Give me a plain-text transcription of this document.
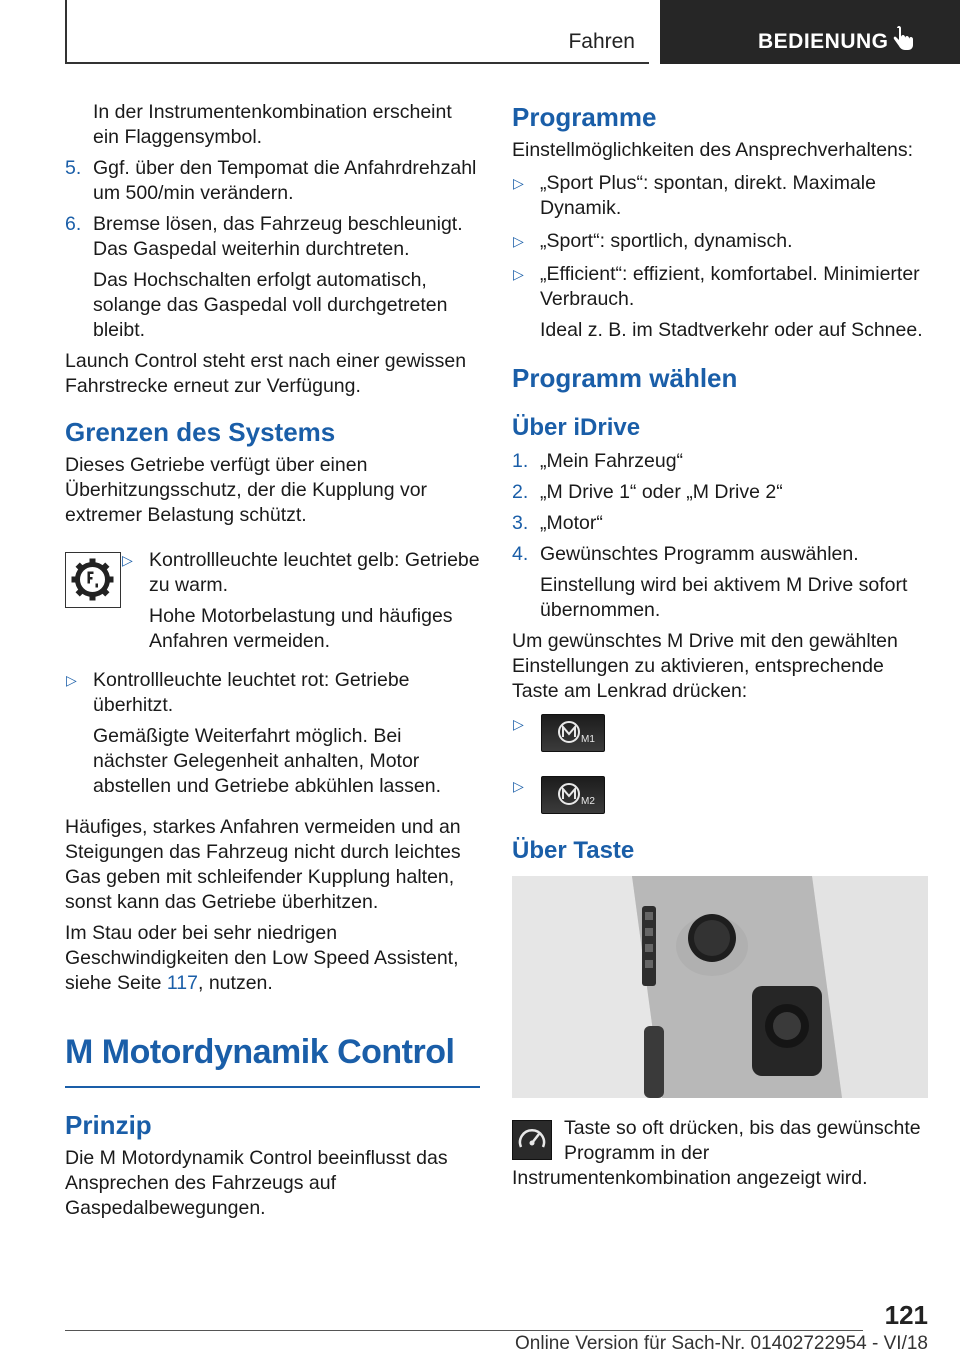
Fahren	BEDIENUNG

In der Instrumentenkombination erscheint ein Flaggensymbol.

5. Ggf. über den Tempomat die Anfahrdrehzahl um 500/min verändern.
6. Bremse lösen, das Fahrzeug beschleunigt. Das Gaspedal weiterhin durchtreten.

Das Hochschalten erfolgt automatisch, solange das Gaspedal voll durchgetreten bleibt.

Launch Control steht erst nach einer gewissen Fahrstrecke erneut zur Verfügung.

Grenzen des Systems

Dieses Getriebe verfügt über einen Überhitzungsschutz, der die Kupplung vor extremer Belastung schützt.

▷ Kontrollleuchte leuchtet gelb: Getriebe zu warm.

Hohe Motorbelastung und häufiges Anfahren vermeiden.

▷ Kontrollleuchte leuchtet rot: Getriebe überhitzt.

Gemäßigte Weiterfahrt möglich. Bei nächster Gelegenheit anhalten, Motor abstellen und Getriebe abkühlen lassen.

Häufiges, starkes Anfahren vermeiden und an Steigungen das Fahrzeug nicht durch leichtes Gas geben mit schleifender Kupplung halten, sonst kann das Getriebe überhitzen.

Im Stau oder bei sehr niedrigen Geschwindigkeiten den Low Speed Assistent, siehe Seite 117, nutzen.

M Motordynamik Control
Prinzip

Die M Motordynamik Control beeinflusst das Ansprechen des Fahrzeugs auf Gaspedalbewegungen.

Programme

Einstellmöglichkeiten des Ansprechverhaltens:

▷ „Sport Plus“: spontan, direkt. Maximale Dynamik.
▷ „Sport“: sportlich, dynamisch.
▷ „Efficient“: effizient, komfortabel. Minimierter Verbrauch.

Ideal z. B. im Stadtverkehr oder auf Schnee.

Programm wählen
Über iDrive
1. „Mein Fahrzeug“
2. „M Drive 1“ oder „M Drive 2“
3. „Motor“
4. Gewünschtes Programm auswählen.

Einstellung wird bei aktivem M Drive sofort übernommen.

Um gewünschtes M Drive mit den gewählten Einstellungen zu aktivieren, entsprechende Taste am Lenkrad drücken:

▷
M1
▷
M2
Über Taste
Taste so oft drücken, bis das gewünschte Programm in der Instrumentenkombination angezeigt wird.
121
Online Version für Sach-Nr. 01402722954 - VI/18
